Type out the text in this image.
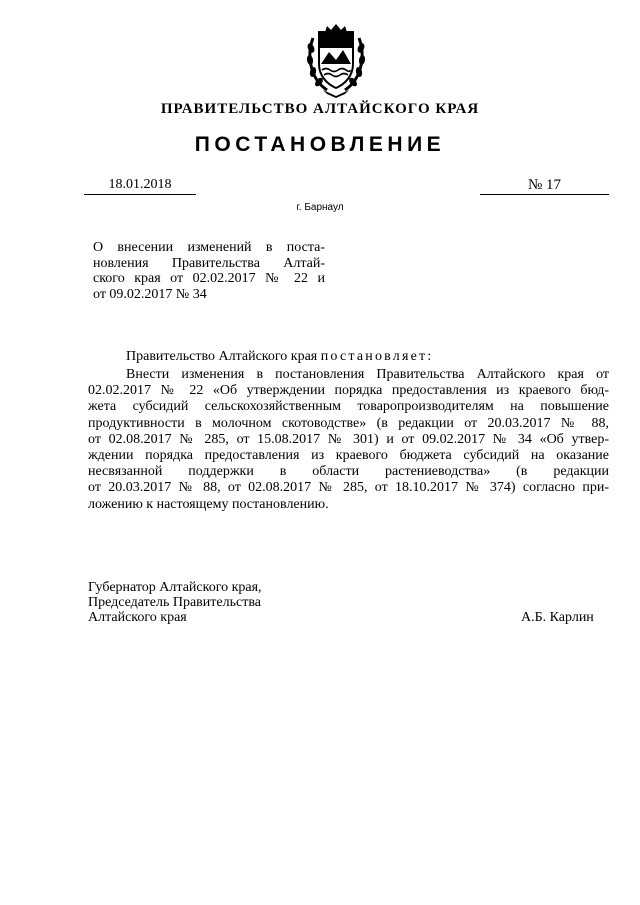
ПРАВИТЕЛЬСТВО АЛТАЙСКОГО КРАЯ
ПОСТАНОВЛЕНИЕ
18.01.2018	№ 17
г. Барнаул
О внесении изменений в поста-
новления Правительства Алтай-
ского края от 02.02.2017 № 22 и
от 09.02.2017 № 34
Правительство Алтайского края постановляет:
Внести изменения в постановления Правительства Алтайского края от
02.02.2017 № 22 «Об утверждении порядка предоставления из краевого бюд-
жета субсидий сельскохозяйственным товаропроизводителям на повышение
продуктивности в молочном скотоводстве» (в редакции от 20.03.2017 № 88,
от 02.08.2017 № 285, от 15.08.2017 № 301) и от 09.02.2017 № 34 «Об утвер-
ждении порядка предоставления из краевого бюджета субсидий на оказание
несвязанной поддержки в области растениеводства» (в редакции
от 20.03.2017 № 88, от 02.08.2017 № 285, от 18.10.2017 № 374) согласно при-
ложению к настоящему постановлению.
Губернатор Алтайского края,
Председатель Правительства
Алтайского края	А.Б. Карлин
